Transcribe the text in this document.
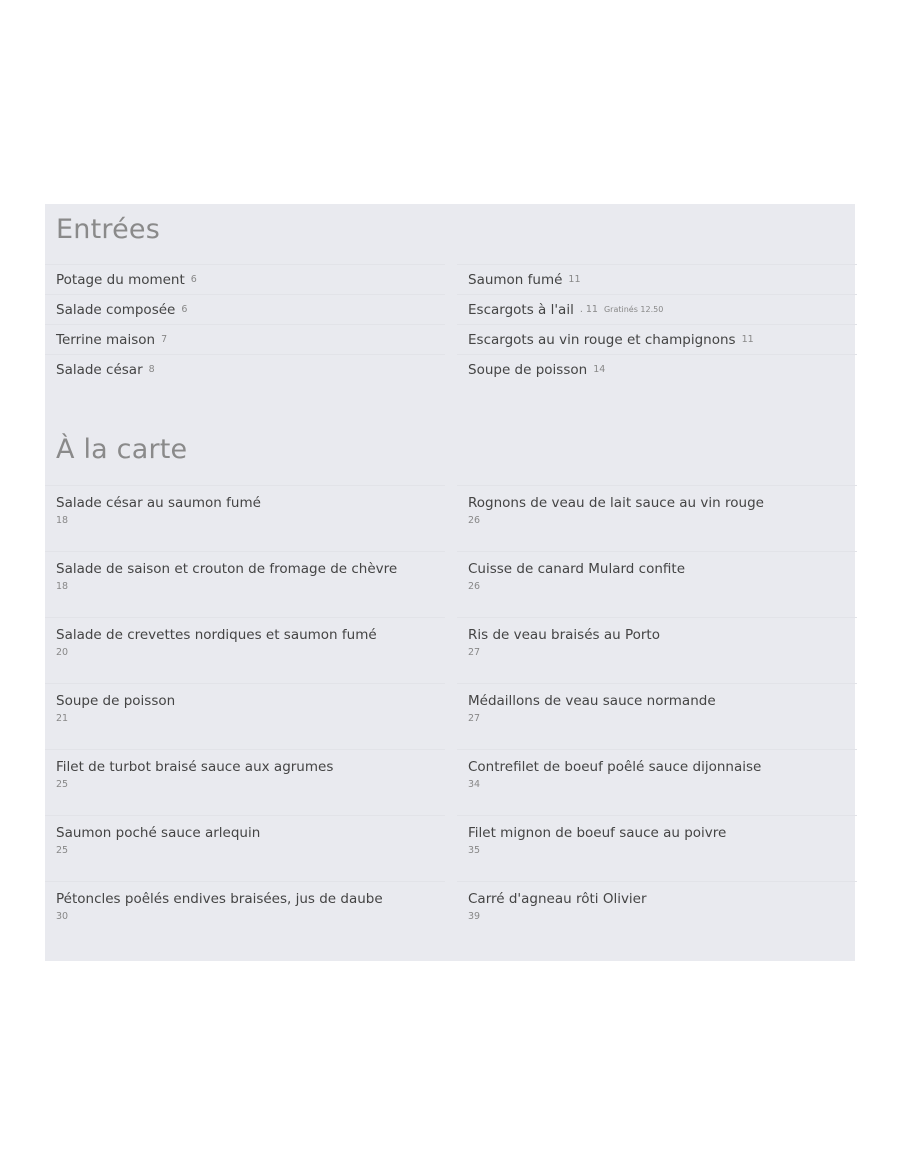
Entrées
Potage du moment 6
Salade composée 6
Terrine maison 7
Salade césar 8
Saumon fumé 11
Escargots à l'ail . 11 Gratinés 12.50
Escargots au vin rouge et champignons 11
Soupe de poisson 14
À la carte
Salade césar au saumon fumé
18
Salade de saison et crouton de fromage de chèvre
18
Salade de crevettes nordiques et saumon fumé
20
Soupe de poisson
21
Filet de turbot braisé sauce aux agrumes
25
Saumon poché sauce arlequin
25
Pétoncles poêlés endives braisées, jus de daube
30
Rognons de veau de lait sauce au vin rouge
26
Cuisse de canard Mulard confite
26
Ris de veau braisés au Porto
27
Médaillons de veau sauce normande
27
Contrefilet de boeuf poêlé sauce dijonnaise
34
Filet mignon de boeuf sauce au poivre
35
Carré d'agneau rôti Olivier
39
